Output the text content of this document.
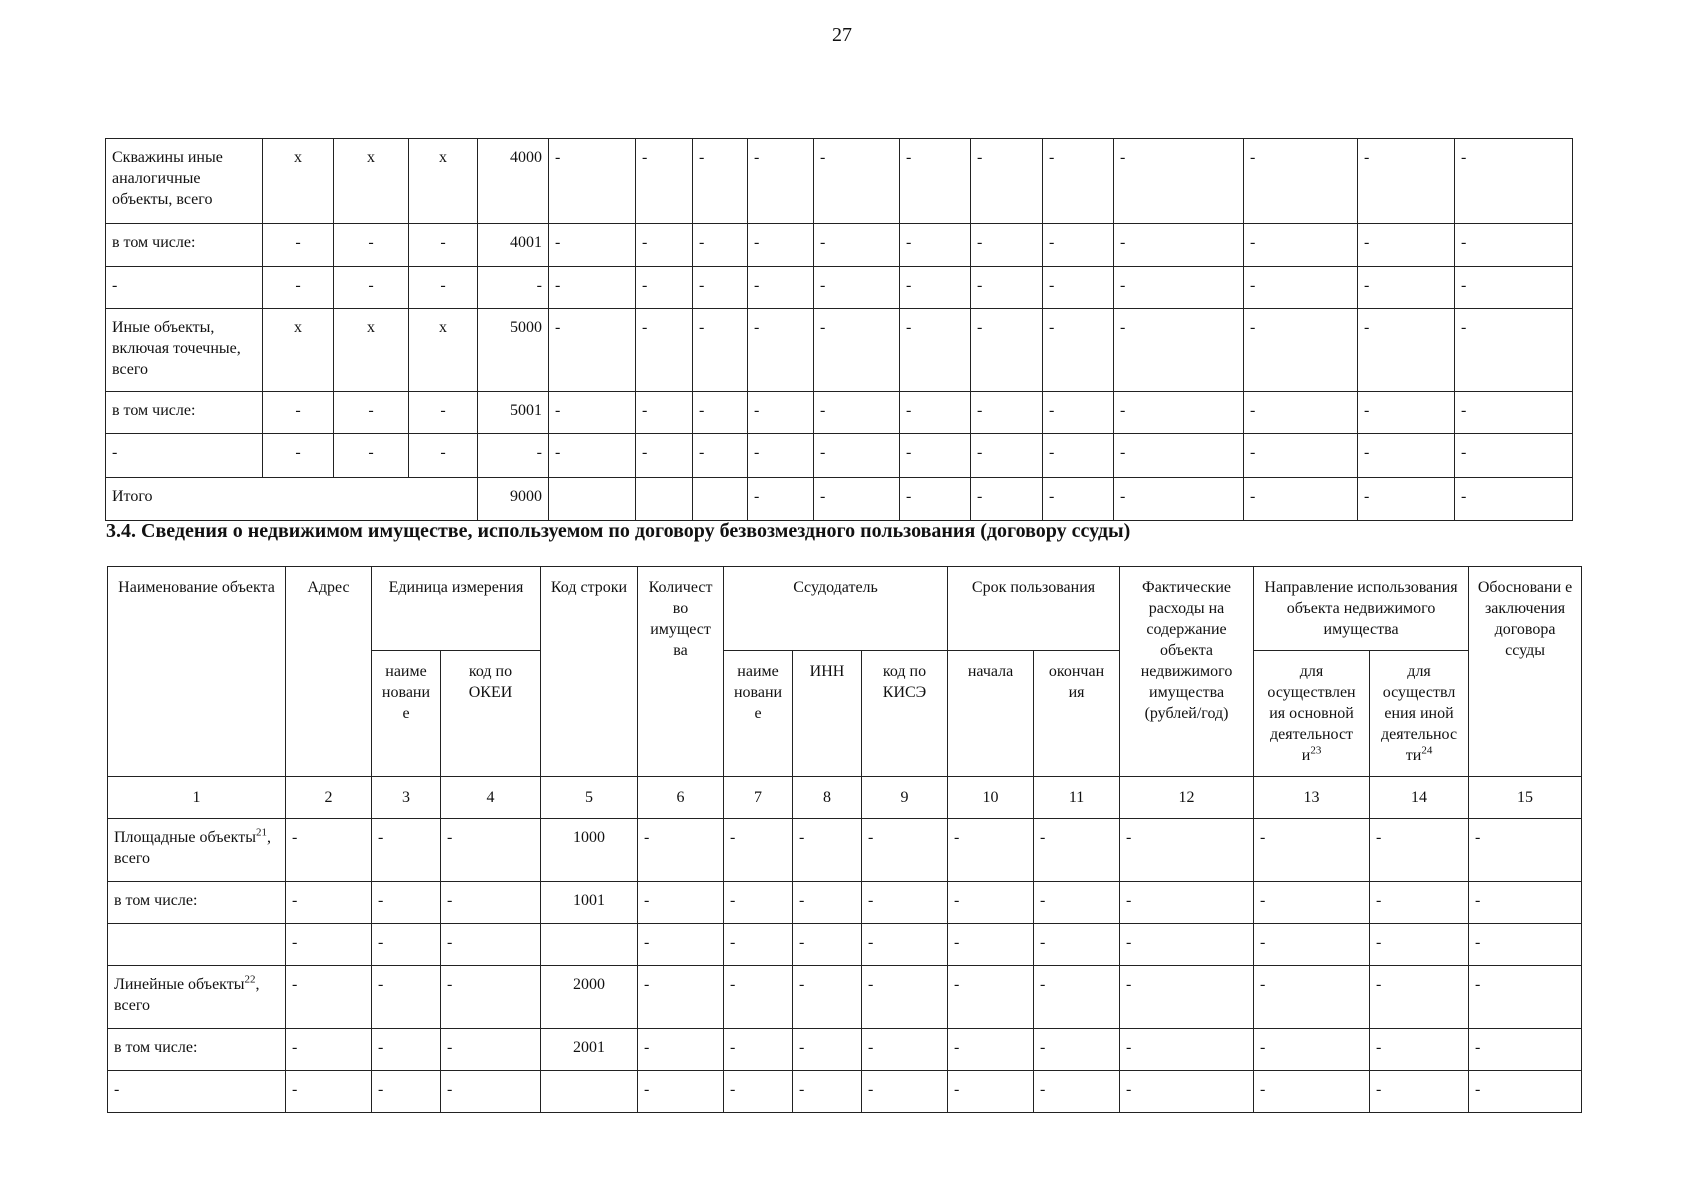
27
Скважины иные аналогичные объекты, всего	x	x	x	4000	-	-	-	-	-	-	-	-	-	-	-	-
в том числе:	-	-	-	4001	-	-	-	-	-	-	-	-	-	-	-	-
-	-	-	-	-	-	-	-	-	-	-	-	-	-	-	-	-
Иные объекты, включая точечные, всего	x	x	x	5000	-	-	-	-	-	-	-	-	-	-	-	-
в том числе:	-	-	-	5001	-	-	-	-	-	-	-	-	-	-	-	-
-	-	-	-	-	-	-	-	-	-	-	-	-	-	-	-	-
Итого				9000				-	-	-	-	-	-	-	-	-
3.4. Сведения о недвижимом имуществе, используемом по договору безвозмездного пользования (договору ссуды)
Наименование объекта	Адрес	Единица измерения		Код строки	Количест во имущест ва	Ссудодатель			Срок пользования		Фактические расходы на содержание объекта недвижимого имущества (рублей/год)	Направление использования объекта недвижимого имущества		Обосновани е заключения договора ссуды
		наиме новани е	код по ОКЕИ			наиме новани е	ИНН	код по КИСЭ	начала	окончан ия		для осуществлен ия основной деятельност $и^{23}$	для осуществл ения иной деятельнос $ти^{24}$
1	2	3	4	5	6	7	8	9	10	11	12	13	14	15
Площадные объекты$^{21}$, всего	-	-	-	1000	-	-	-	-	-	-	-	-	-	-
в том числе:	-	-	-	1001	-	-	-	-	-	-	-	-	-	-
	-	-	-		-	-	-	-	-	-	-	-	-	-
Линейные объекты$^{22}$, всего	-	-	-	2000	-	-	-	-	-	-	-	-	-	-
в том числе:	-	-	-	2001	-	-	-	-	-	-	-	-	-	-
-	-	-	-		-	-	-	-	-	-	-	-	-	-
